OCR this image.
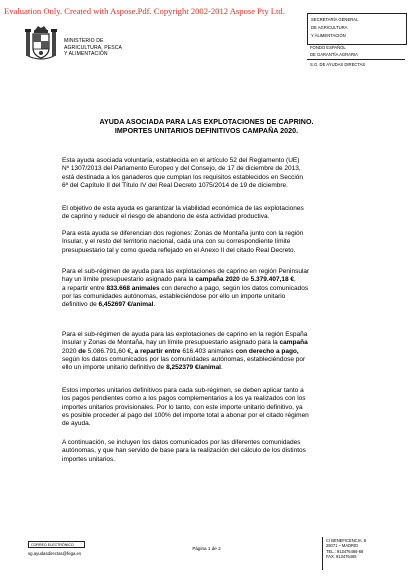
Evaluation Only. Created with Aspose.Pdf. Copyright 2002-2012 Aspose Pty Ltd.
MINISTERIO DE
AGRICULTURA, PESCA
Y ALIMENTACIÓN
SECRETARÍA GENERAL
DE AGRICULTURA
Y ALIMENTACIÓN
FONDO ESPAÑOL
DE GARANTÍA AGRARIA
S.G. DE AYUDAS DIRECTAS
AYUDA ASOCIADA PARA LAS EXPLOTACIONES DE CAPRINO.
IMPORTES UNITARIOS DEFINITIVOS CAMPAÑA 2020.
Esta ayuda asociada voluntaria, establecida en el artículo 52 del Reglamento (UE)
Nº 1307/2013 del Parlamento Europeo y del Consejo, de 17 de diciembre de 2013,
está destinada a los ganaderos que cumplan los requisitos establecidos en Sección
6ª del Capítulo II del Título IV del Real Decreto 1075/2014 de 19 de diciembre.
El objetivo de esta ayuda es garantizar la viabilidad económica de las explotaciones
de caprino y reducir el riesgo de abandono de esta actividad productiva.
Para esta ayuda se diferencian dos regiones: Zonas de Montaña junto con la región
Insular, y el resto del territorio nacional, cada una con su correspondiente límite
presupuestario tal y como queda reflejado en el Anexo II del citado Real Decreto.
Para el sub-régimen de ayuda para las explotaciones de caprino en región Peninsular
hay un límite presupuestario asignado para la campaña 2020 de 5.379.407,18 €,
a repartir entre 833.668 animales con derecho a pago, según los datos comunicados
por las comunidades autónomas, estableciéndose por ello un importe unitario
definitivo de 6,452697 €/animal.
Para el sub-régimen de ayuda para las explotaciones de caprino en la región España
Insular y Zonas de Montaña, hay un límite presupuestario asignado para la campaña
2020 de 5.086.791,60 €, a repartir entre 616.403 animales con derecho a pago,
según los datos comunicados por las comunidades autónomas, estableciéndose por
ello un importe unitario definitivo de 8,252379 €/animal.
Estos importes unitarios definitivos para cada sub-régimen, se deben aplicar tanto a
los pagos pendientes como a los pagos complementarios a los ya realizados con los
importes unitarios provisionales. Por lo tanto, con este importe unitario definitivo, ya
es posible proceder al pago del 100% del importe total a abonar por el citado régimen
de ayuda.
A continuación, se incluyen los datos comunicados por las diferentes comunidades
autónomas, y que han servido de base para la realización del cálculo de los distintos
importes unitarios.
CORREO ELECTRÓNICO
sg.ayudasdirectas@fega.es
Página 1 de 2
C/ BENEFICENCIA, 8
28071 – MADRID
TEL.: 913476466-68
FAX: 913476465
